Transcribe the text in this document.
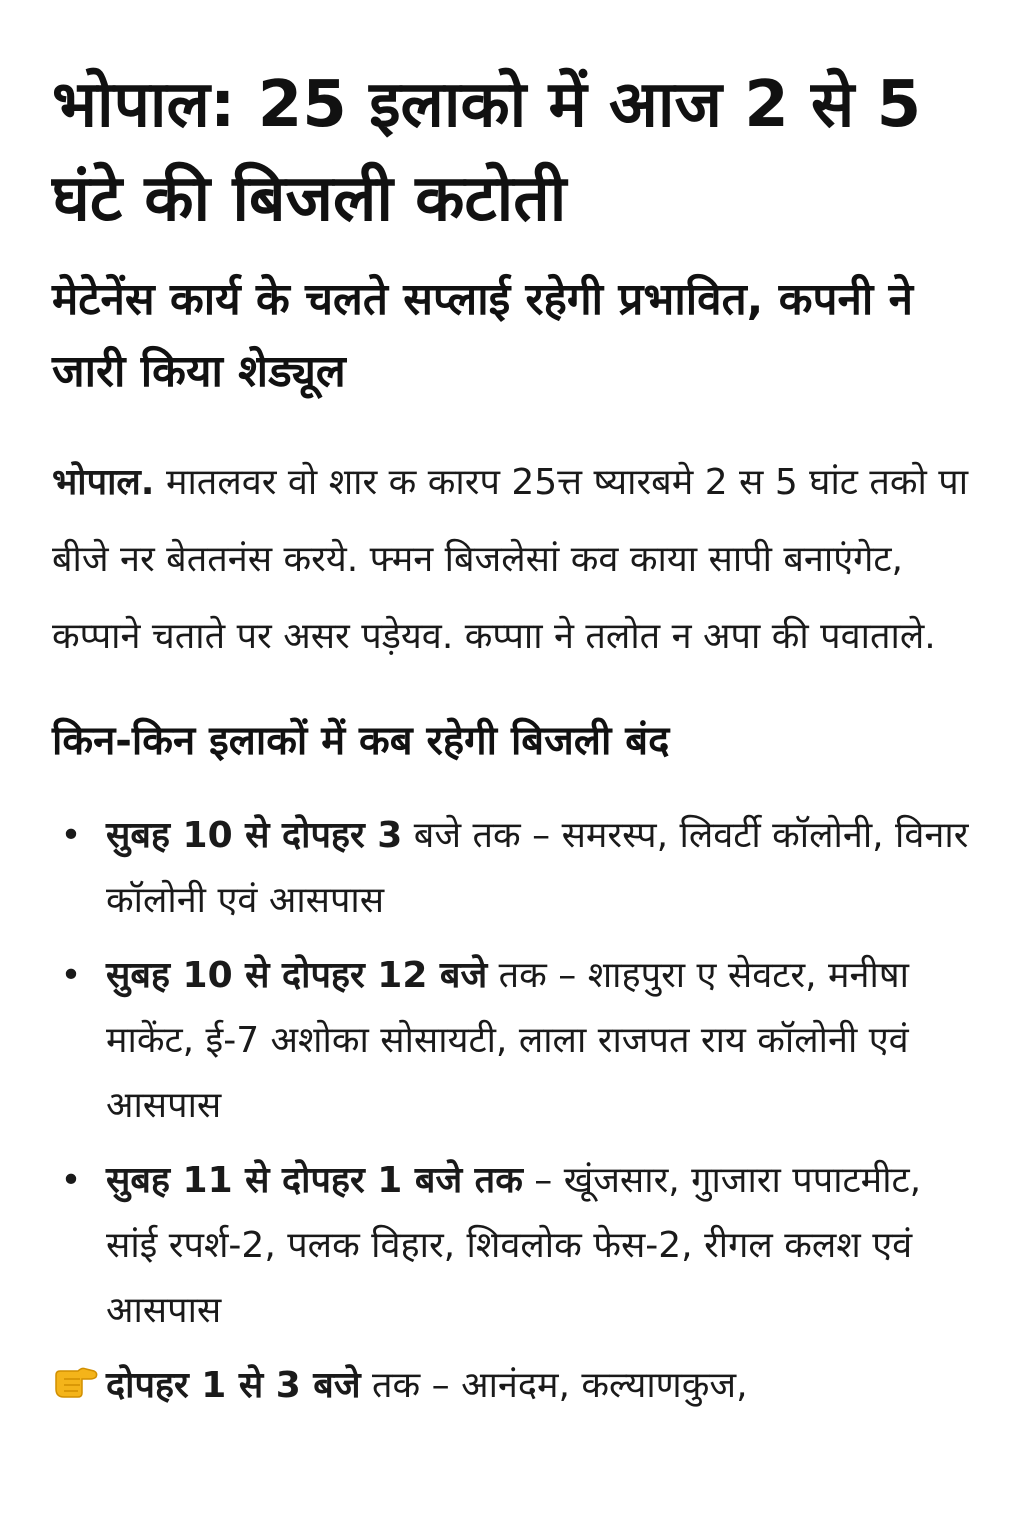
भोपाल: 25 इलाको में आज 2 से 5 घंटे की बिजली कटोती
मेटेनेंस कार्य के चलते सप्लाई रहेगी प्रभावित, कपनी ने जारी किया शेड्यूल

भोपाल. मातलवर वो शार क कारप 25त्त ष्यारबमे 2 स 5 घांट तको पा बीजे नर बेततनंस करये. फ्मन बिजलेसां कव काया सापी बनाएंगेट, कप्पाने चताते पर असर पड़ेयव. कप्पाा ने तलोत न अपा की पवाताले.

किन-किन इलाकों में कब रहेगी बिजली बंद
• सुबह 10 से दोपहर 3 बजे तक – समरस्प, लिवर्टी कॉलोनी, विनार कॉलोनी एवं आसपास
• सुबह 10 से दोपहर 12 बजे तक – शाहपुरा ए सेवटर, मनीषा माकेंट, ई-7 अशोका सोसायटी, लाला राजपत राय कॉलोनी एवं आसपास
• सुबह 11 से दोपहर 1 बजे तक – खूंजसार, गुाजारा पपाटमीट, सांई रपर्श-2, पलक विहार, शिवलोक फेस-2, रीगल कलश एवं आसपास
दोपहर 1 से 3 बजे तक – आनंदम, कल्याणकुज,
